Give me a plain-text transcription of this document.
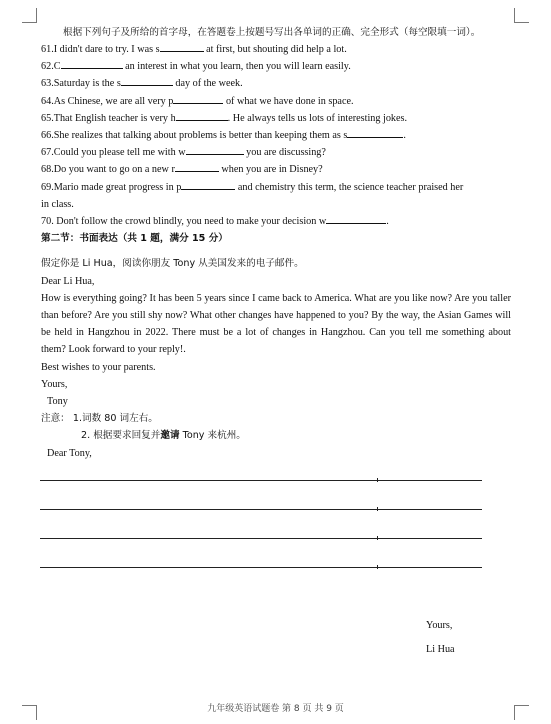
根据下列句子及所给的首字母，在答题卷上按题号写出各单词的正确、完全形式（每空限填一词）。
61.I didn't dare to try. I was s	at first, but shouting did help a lot.
62.C	an interest in what you learn, then you will learn easily.
63.Saturday is the s	day of the week.
64.As Chinese, we are all very p	of what we have done in space.
65.That English teacher is very h	. He always tells us lots of interesting jokes.
66.She realizes that talking about problems is better than keeping them as s	.
67.Could you please tell me with w	you are discussing?
68.Do you want to go on a new r	when you are in Disney?
69.Mario made great progress in p	and chemistry this term, the science teacher praised her
in class.
70. Don't follow the crowd blindly, you need to make your decision w	.
第二节：书面表达（共 1 题，满分 15 分）
假定你是 Li Hua，阅读你朋友 Tony 从美国发来的电子邮件。
Dear Li Hua,
How is everything going? It has been 5 years since I came back to America. What are you like now? Are you taller than before? Are you still shy now? What other changes have happened to you? By the way, the Asian Games will be held in Hangzhou in 2022. There must be a lot of changes in Hangzhou. Can you tell me something about them? Look forward to your reply!.
Best wishes to your parents.
Yours,
Tony
注意： 1.词数 80 词左右。
2. 根据要求回复并邀请 Tony 来杭州。
Dear Tony,
Yours,
Li Hua
九年级英语试题卷 第 8 页 共 9 页
